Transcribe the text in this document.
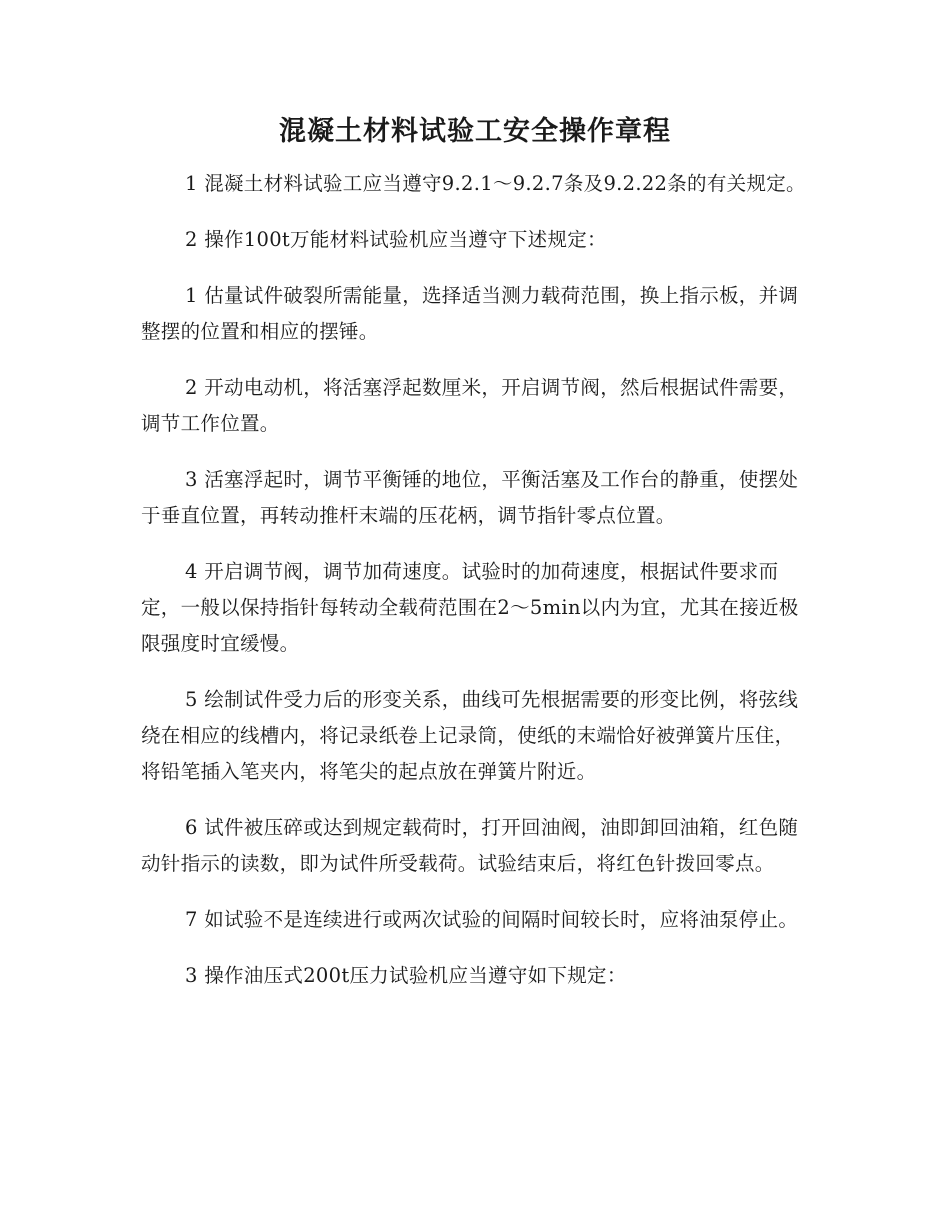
混凝土材料试验工安全操作章程

1 混凝土材料试验工应当遵守9.2.1～9.2.7条及9.2.22条的有关规定。

2 操作100t万能材料试验机应当遵守下述规定：

1 估量试件破裂所需能量，选择适当测力载荷范围，换上指示板，并调整摆的位置和相应的摆锤。

2 开动电动机，将活塞浮起数厘米，开启调节阀，然后根据试件需要，调节工作位置。

3 活塞浮起时，调节平衡锤的地位，平衡活塞及工作台的静重，使摆处于垂直位置，再转动推杆末端的压花柄，调节指针零点位置。

4 开启调节阀，调节加荷速度。试验时的加荷速度，根据试件要求而定，一般以保持指针每转动全载荷范围在2～5min以内为宜，尤其在接近极限强度时宜缓慢。

5 绘制试件受力后的形变关系，曲线可先根据需要的形变比例，将弦线绕在相应的线槽内，将记录纸卷上记录筒，使纸的末端恰好被弹簧片压住，将铅笔插入笔夹内，将笔尖的起点放在弹簧片附近。

6 试件被压碎或达到规定载荷时，打开回油阀，油即卸回油箱，红色随动针指示的读数，即为试件所受载荷。试验结束后，将红色针拨回零点。

7 如试验不是连续进行或两次试验的间隔时间较长时，应将油泵停止。

3 操作油压式200t压力试验机应当遵守如下规定：
